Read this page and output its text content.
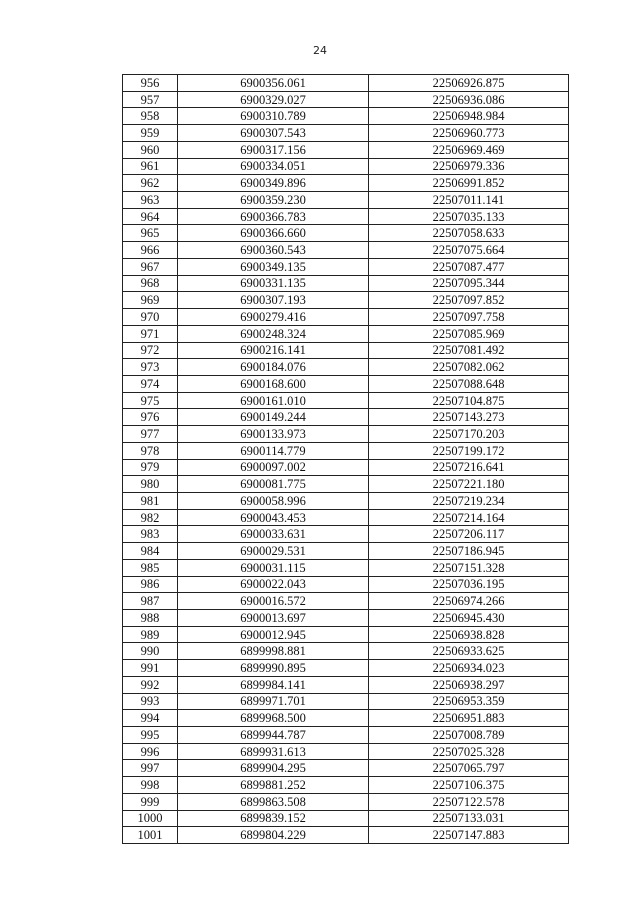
24
956	6900356.061	22506926.875
957	6900329.027	22506936.086
958	6900310.789	22506948.984
959	6900307.543	22506960.773
960	6900317.156	22506969.469
961	6900334.051	22506979.336
962	6900349.896	22506991.852
963	6900359.230	22507011.141
964	6900366.783	22507035.133
965	6900366.660	22507058.633
966	6900360.543	22507075.664
967	6900349.135	22507087.477
968	6900331.135	22507095.344
969	6900307.193	22507097.852
970	6900279.416	22507097.758
971	6900248.324	22507085.969
972	6900216.141	22507081.492
973	6900184.076	22507082.062
974	6900168.600	22507088.648
975	6900161.010	22507104.875
976	6900149.244	22507143.273
977	6900133.973	22507170.203
978	6900114.779	22507199.172
979	6900097.002	22507216.641
980	6900081.775	22507221.180
981	6900058.996	22507219.234
982	6900043.453	22507214.164
983	6900033.631	22507206.117
984	6900029.531	22507186.945
985	6900031.115	22507151.328
986	6900022.043	22507036.195
987	6900016.572	22506974.266
988	6900013.697	22506945.430
989	6900012.945	22506938.828
990	6899998.881	22506933.625
991	6899990.895	22506934.023
992	6899984.141	22506938.297
993	6899971.701	22506953.359
994	6899968.500	22506951.883
995	6899944.787	22507008.789
996	6899931.613	22507025.328
997	6899904.295	22507065.797
998	6899881.252	22507106.375
999	6899863.508	22507122.578
1000	6899839.152	22507133.031
1001	6899804.229	22507147.883
